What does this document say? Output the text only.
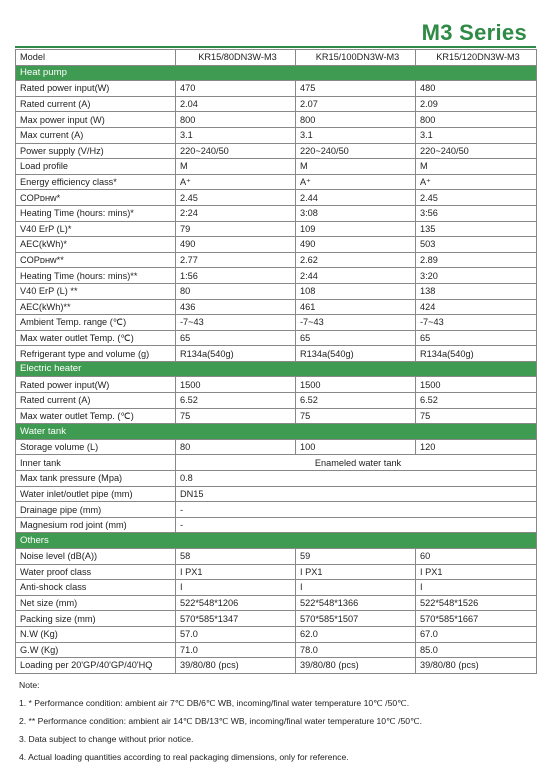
M3 Series
Model	KR15/80DN3W-M3	KR15/100DN3W-M3	KR15/120DN3W-M3
Heat pump			
Rated power input(W)	470	475	480
Rated current (A)	2.04	2.07	2.09
Max power input (W)	800	800	800
Max current (A)	3.1	3.1	3.1
Power supply (V/Hz)	220~240/50	220~240/50	220~240/50
Load profile	M	M	M
Energy efficiency class*	A⁺	A⁺	A⁺
COPᴅʜᴡ*	2.45	2.44	2.45
Heating Time (hours: mins)*	2:24	3:08	3:56
V40 ErP (L)*	79	109	135
AEC(kWh)*	490	490	503
COPᴅʜᴡ**	2.77	2.62	2.89
Heating Time (hours: mins)**	1:56	2:44	3:20
V40 ErP (L) **	80	108	138
AEC(kWh)**	436	461	424
Ambient Temp. range (℃)	-7~43	-7~43	-7~43
Max water outlet Temp. (℃)	65	65	65
Refrigerant type and volume (g)	R134a(540g)	R134a(540g)	R134a(540g)
Electric heater			
Rated power input(W)	1500	1500	1500
Rated current (A)	6.52	6.52	6.52
Max water outlet Temp. (℃)	75	75	75
Water tank			
Storage volume (L)	80	100	120
Inner tank	Enameled water tank		
Max tank pressure (Mpa)	0.8		
Water inlet/outlet pipe (mm)	DN15		
Drainage pipe (mm)	-		
Magnesium rod joint (mm)	-		
Others			
Noise level (dB(A))	58	59	60
Water proof class	I PX1	I PX1	I PX1
Anti-shock class	I	I	I
Net size (mm)	522*548*1206	522*548*1366	522*548*1526
Packing size (mm)	570*585*1347	570*585*1507	570*585*1667
N.W (Kg)	57.0	62.0	67.0
G.W (Kg)	71.0	78.0	85.0
Loading per 20'GP/40'GP/40'HQ	39/80/80 (pcs)	39/80/80 (pcs)	39/80/80 (pcs)
Note:
1. * Performance condition: ambient air 7℃ DB/6℃ WB, incoming/final water temperature 10℃ /50℃.
2. ** Performance condition: ambient air 14℃ DB/13℃ WB, incoming/final water temperature 10℃ /50℃.
3. Data subject to change without prior notice.
4. Actual loading quantities according to real packaging dimensions, only for reference.
